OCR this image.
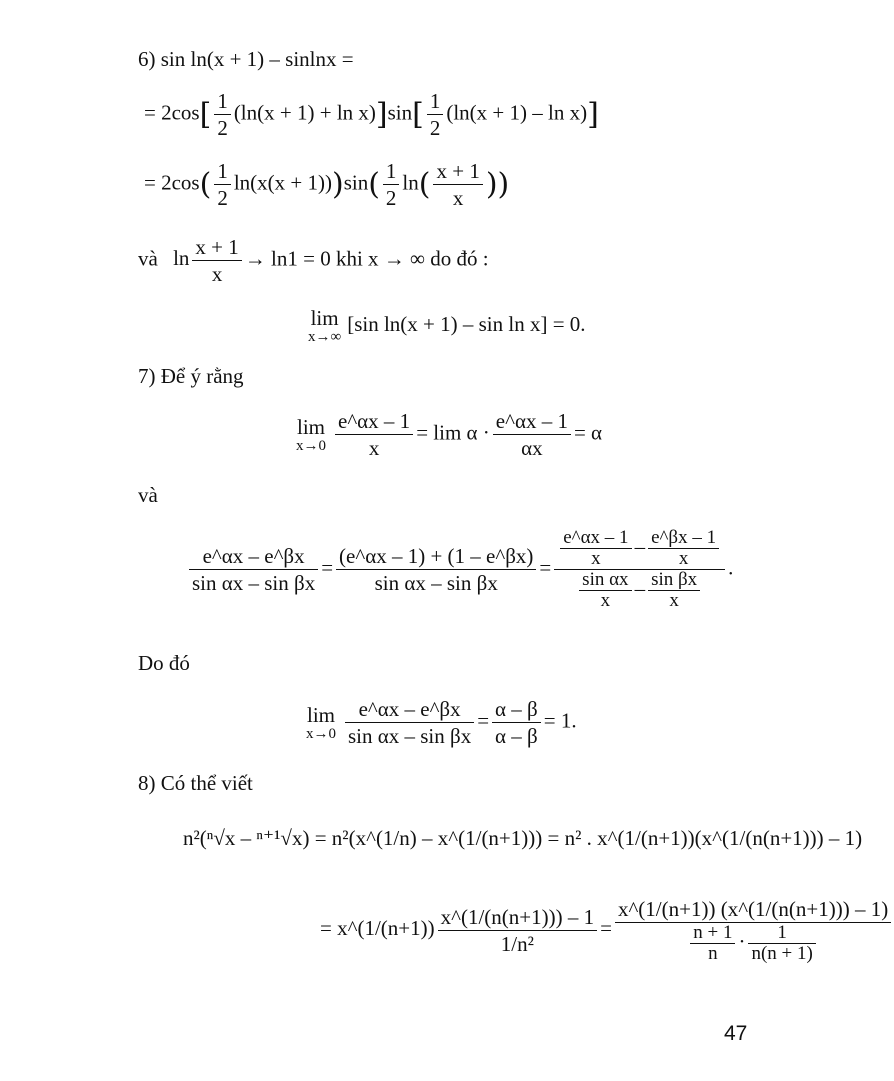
6) sin ln(x + 1) – sinlnx =
= $2\cos[ \frac{1}{2} (\ln(x + 1) + \ln x)]\sin[ \frac{1}{2} (\ln(x + 1) - \ln x)]$
= $2\cos( \frac{1}{2} \ln(x(x + 1)))\sin( \frac{1}{2} \ln( \frac{x + 1}{x}$ ))
và $\ln \frac{x + 1}{x} \to \ln 1 = 0$ khi x → ∞ do đó :
lim
x→∞
[sin ln(x + 1) – sin ln x] = 0.
7) Để ý rằng
lim
$x\to 0 \frac{e\^{}\alpha x - 1}{x} = \lim \alpha \cdot \frac{e\^{}\alpha x - 1}{\alpha x} = \alpha$
và
$\frac{e\^{}\alpha x - e\^{}\beta x}{\text{sin αx – sin βx}} = \frac{(e\^{}\alpha x - 1) + (1 - e\^{}\beta x)}{\text{sin αx – sin βx}} = \frac{\frac{e\^{}\alpha x - 1}{x} - \frac{e\^{}\beta x - 1}{x}}{\frac{\text{sin αx}}{x} - \frac{\text{sin βx}}{x}}$ .
Do đó
lim
$x\to 0 \frac{e\^{}\alpha x - e\^{}\beta x}{\text{sin αx – sin βx}} = \frac{\alpha - \beta}{\alpha - \beta} = 1$.
8) Có thể viết
n²(ⁿ√x – ⁿ⁺¹√x) = n²(x^(1/n) – x^(1/(n+1))) = n² . x^(1/(n+1))(x^(1/(n(n+1))) – 1)
= x^(1/(n+1)) $\frac{x\^{}(1/(n(n+1))) - 1}{\text{1/n²}} = \frac{x\^{}(1/(n+1)) (x\^{}(1/(n(n+1))) - 1)}{\frac{n + 1}{n} \cdot \frac{1}{n(n + 1)}}$
47
